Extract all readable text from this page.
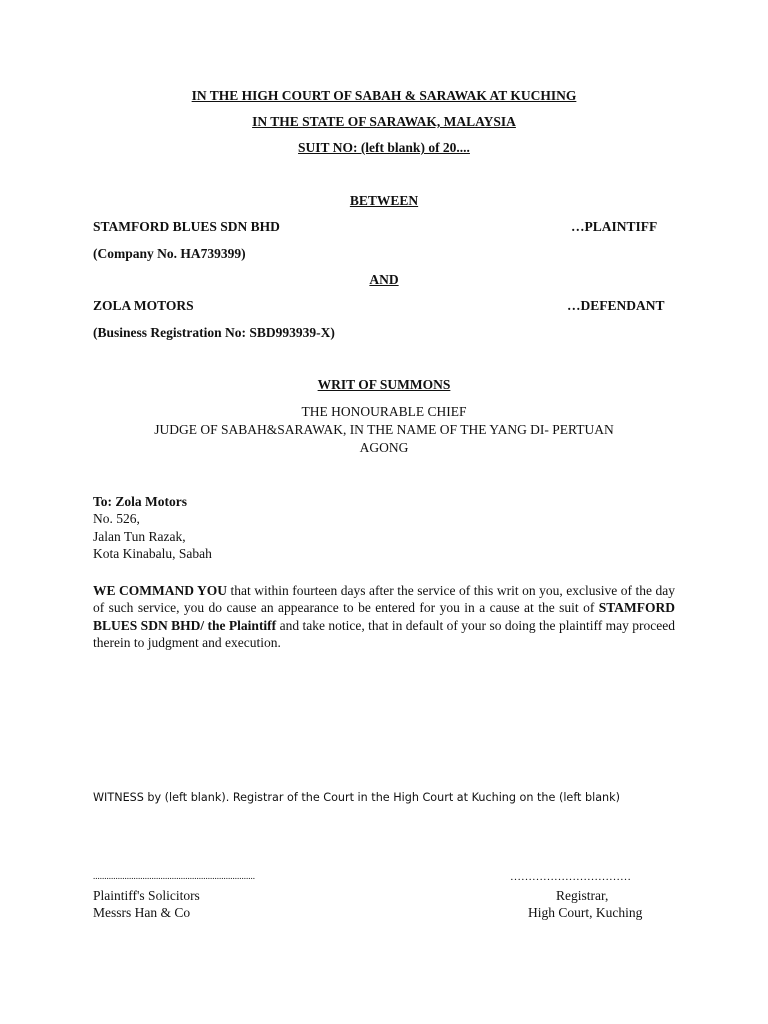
IN THE HIGH COURT OF SABAH & SARAWAK AT KUCHING
IN THE STATE OF SARAWAK, MALAYSIA
SUIT NO: (left blank) of 20....
BETWEEN
STAMFORD BLUES SDN BHD	…PLAINTIFF
(Company No. HA739399)
AND
ZOLA MOTORS	…DEFENDANT
(Business Registration No: SBD993939-X)
WRIT OF SUMMONS
THE HONOURABLE CHIEF
JUDGE OF SABAH&SARAWAK, IN THE NAME OF THE YANG DI- PERTUAN
AGONG
To: Zola Motors
No. 526,
Jalan Tun Razak,
Kota Kinabalu, Sabah
WE COMMAND YOU that within fourteen days after the service of this writ on you, exclusive of the day of such service, you do cause an appearance to be entered for you in a cause at the suit of STAMFORD BLUES SDN BHD/ the Plaintiff and take notice, that in default of your so doing the plaintiff may proceed therein to judgment and execution.
WITNESS by (left blank). Registrar of the Court in the High Court at Kuching on the (left blank)
........................................................................
Plaintiff's Solicitors
Messrs Han & Co
……………………………
Registrar,
High Court, Kuching
